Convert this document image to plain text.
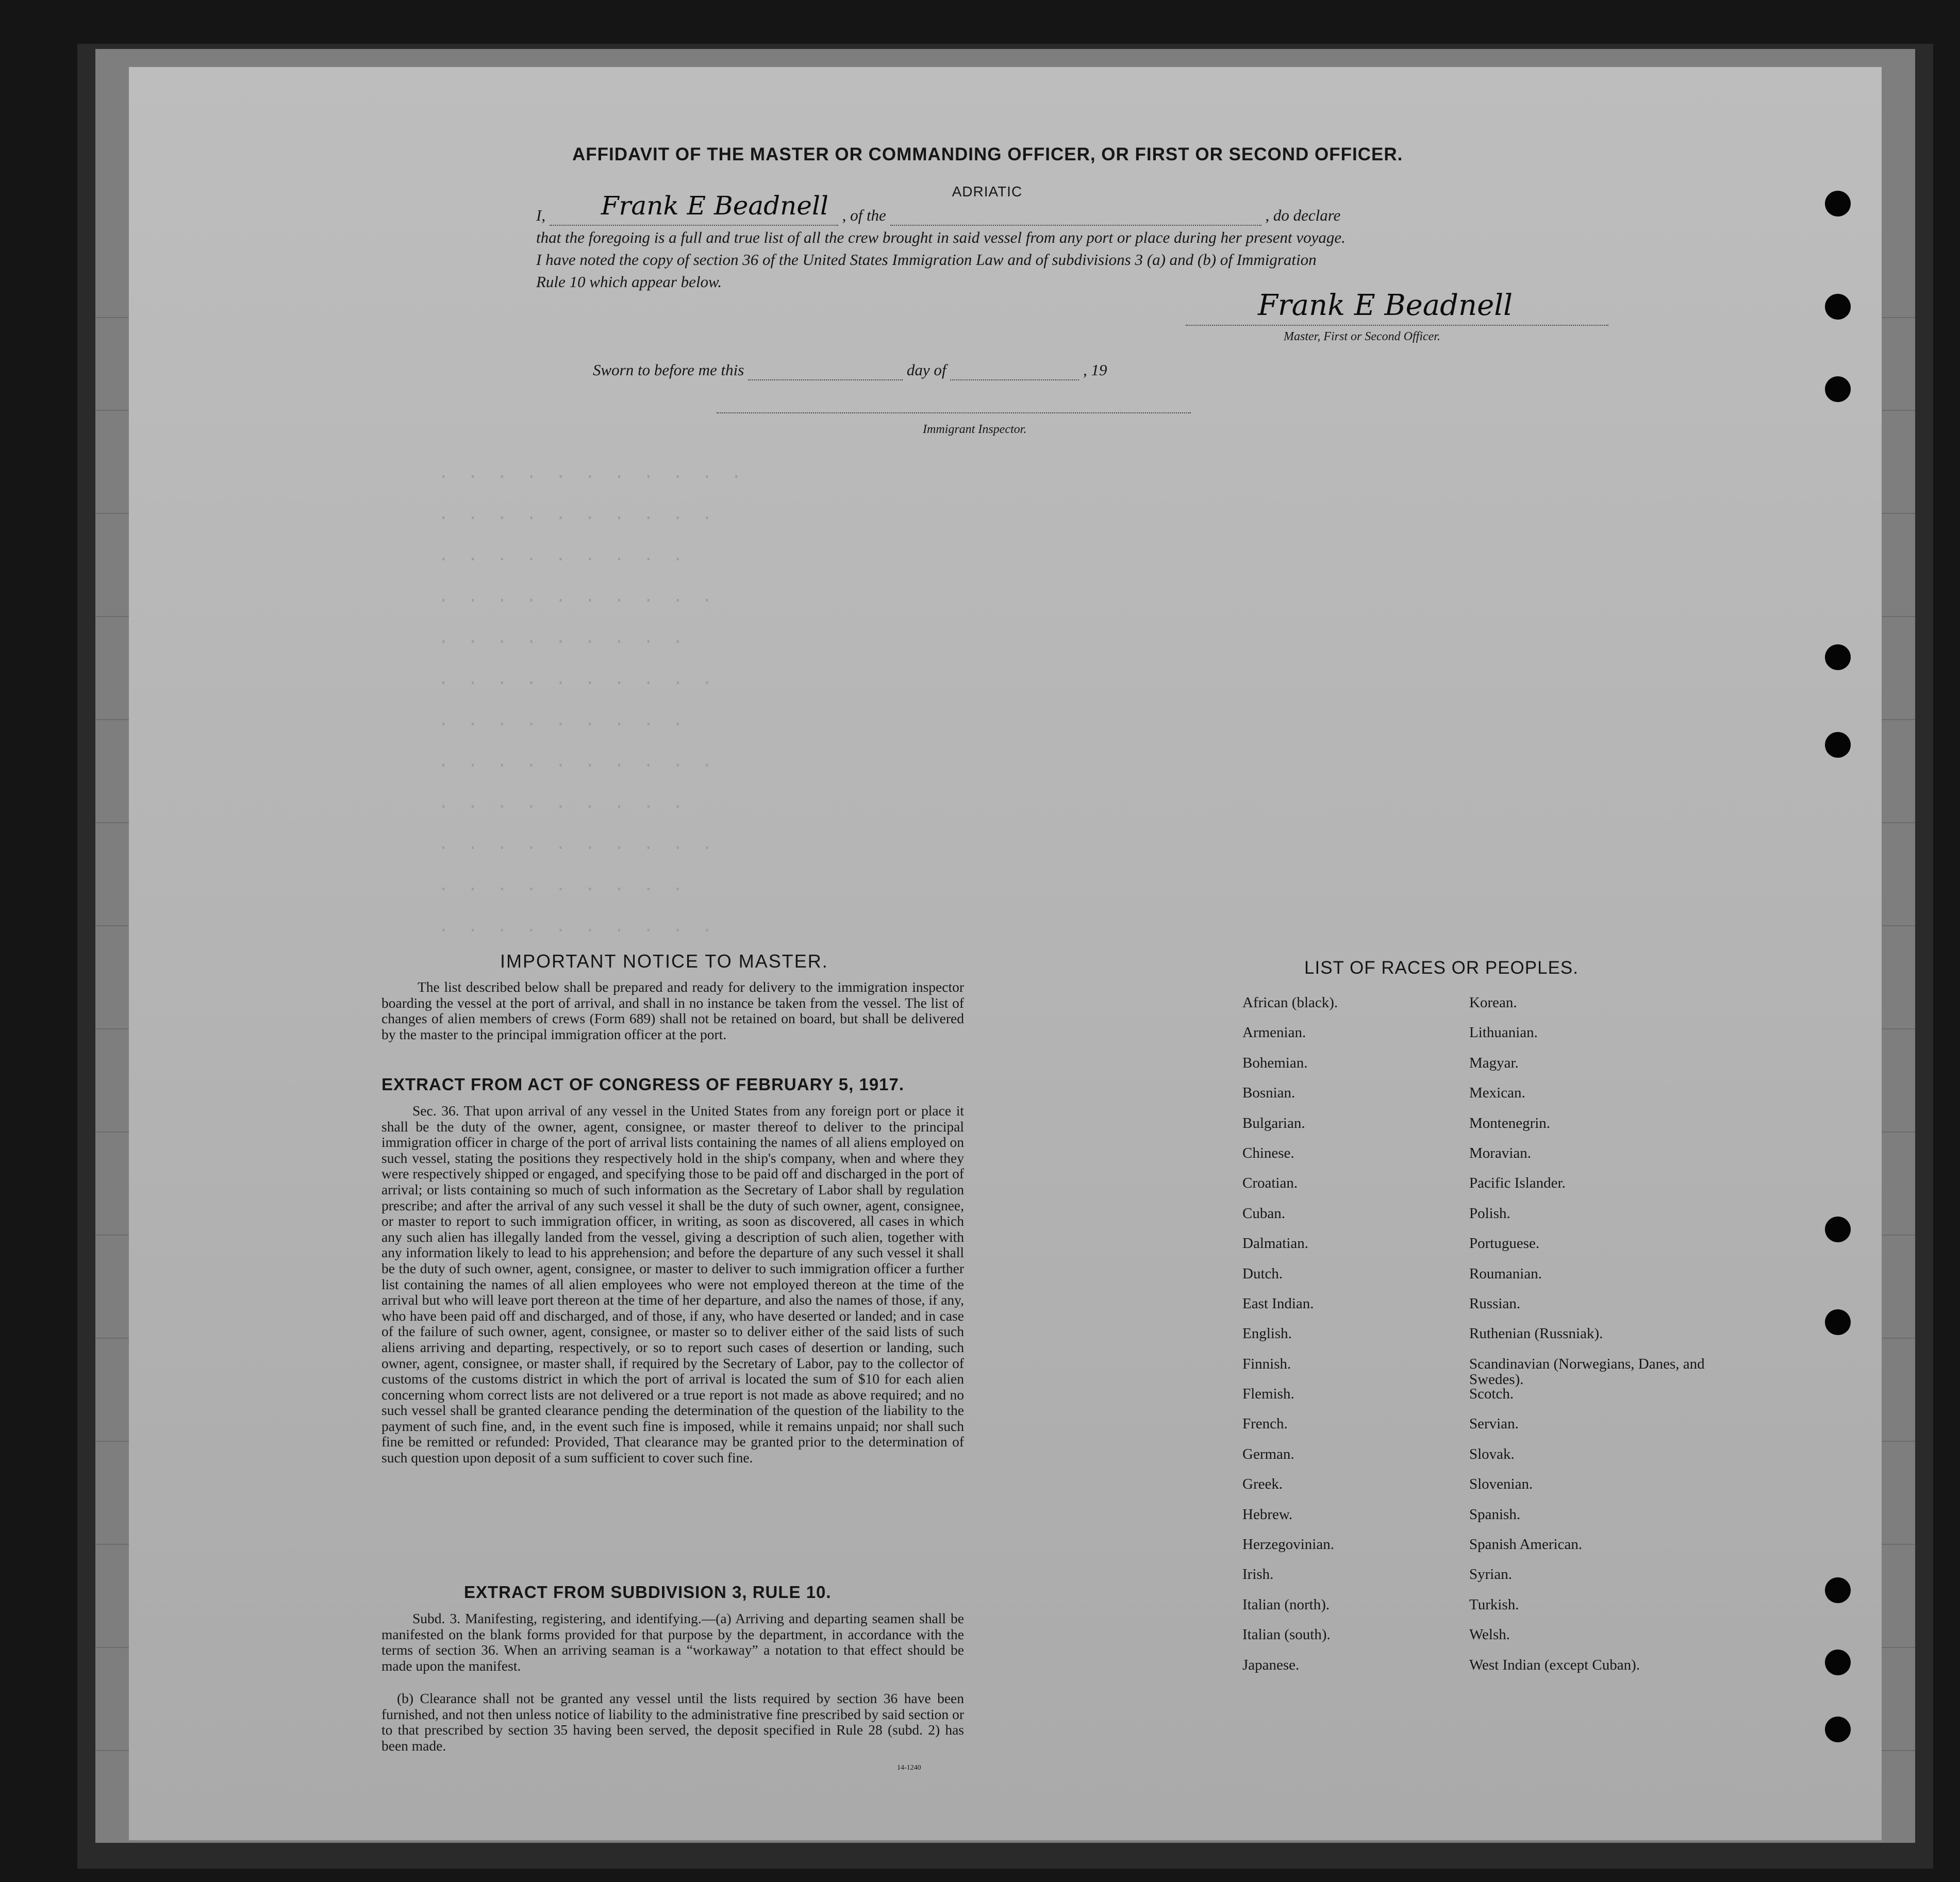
. . . . . . . . . . .
. . . . . . . . . .
. . . . . . . . .
. . . . . . . . . .
. . . . . . . . .
. . . . . . . . . .
. . . . . . . . .
. . . . . . . . . .
. . . . . . . . .
. . . . . . . . . .
. . . . . . . . .
. . . . . . . . . .
AFFIDAVIT OF THE MASTER OR COMMANDING OFFICER, OR FIRST OR SECOND OFFICER.
I, Frank E Beadnell , of the
ADRIATIC
, do declare
that the foregoing is a full and true list of all the crew brought in said vessel from any port or place during her present voyage.
I have noted the copy of section 36 of the United States Immigration Law and of subdivisions 3 (a) and (b) of Immigration
Rule 10 which appear below.
Frank E Beadnell
Master, First or Second Officer.
Sworn to before me this	day of	, 19
Immigrant Inspector.
IMPORTANT NOTICE TO MASTER.
The list described below shall be prepared and ready for delivery to the immigration inspector boarding the vessel at the port of arrival, and shall in no instance be taken from the vessel. The list of changes of alien members of crews (Form 689) shall not be retained on board, but shall be delivered by the master to the principal immigration officer at the port.
EXTRACT FROM ACT OF CONGRESS OF FEBRUARY 5, 1917.
Sec. 36. That upon arrival of any vessel in the United States from any foreign port or place it shall be the duty of the owner, agent, consignee, or master thereof to deliver to the principal immigration officer in charge of the port of arrival lists containing the names of all aliens employed on such vessel, stating the positions they respectively hold in the ship's company, when and where they were respectively shipped or engaged, and specifying those to be paid off and discharged in the port of arrival; or lists containing so much of such information as the Secretary of Labor shall by regulation prescribe; and after the arrival of any such vessel it shall be the duty of such owner, agent, consignee, or master to report to such immigration officer, in writing, as soon as discovered, all cases in which any such alien has illegally landed from the vessel, giving a description of such alien, together with any information likely to lead to his apprehension; and before the departure of any such vessel it shall be the duty of such owner, agent, consignee, or master to deliver to such immigration officer a further list containing the names of all alien employees who were not employed thereon at the time of the arrival but who will leave port thereon at the time of her departure, and also the names of those, if any, who have been paid off and discharged, and of those, if any, who have deserted or landed; and in case of the failure of such owner, agent, consignee, or master so to deliver either of the said lists of such aliens arriving and departing, respectively, or so to report such cases of desertion or landing, such owner, agent, consignee, or master shall, if required by the Secretary of Labor, pay to the collector of customs of the customs district in which the port of arrival is located the sum of $10 for each alien concerning whom correct lists are not delivered or a true report is not made as above required; and no such vessel shall be granted clearance pending the determination of the question of the liability to the payment of such fine, and, in the event such fine is imposed, while it remains unpaid; nor shall such fine be remitted or refunded: Provided, That clearance may be granted prior to the determination of such question upon deposit of a sum sufficient to cover such fine.
EXTRACT FROM SUBDIVISION 3, RULE 10.
Subd. 3. Manifesting, registering, and identifying.—(a) Arriving and departing seamen shall be manifested on the blank forms provided for that purpose by the department, in accordance with the terms of section 36. When an arriving seaman is a “workaway” a notation to that effect should be made upon the manifest.
(b) Clearance shall not be granted any vessel until the lists required by section 36 have been furnished, and not then unless notice of liability to the administrative fine prescribed by said section or to that prescribed by section 35 having been served, the deposit specified in Rule 28 (subd. 2) has been made.
14-1240
LIST OF RACES OR PEOPLES.
African (black).
Armenian.
Bohemian.
Bosnian.
Bulgarian.
Chinese.
Croatian.
Cuban.
Dalmatian.
Dutch.
East Indian.
English.
Finnish.
Flemish.
French.
German.
Greek.
Hebrew.
Herzegovinian.
Irish.
Italian (north).
Italian (south).
Japanese.
Korean.
Lithuanian.
Magyar.
Mexican.
Montenegrin.
Moravian.
Pacific Islander.
Polish.
Portuguese.
Roumanian.
Russian.
Ruthenian (Russniak).
Scandinavian (Norwegians, Danes, and Swedes).
Scotch.
Servian.
Slovak.
Slovenian.
Spanish.
Spanish American.
Syrian.
Turkish.
Welsh.
West Indian (except Cuban).
